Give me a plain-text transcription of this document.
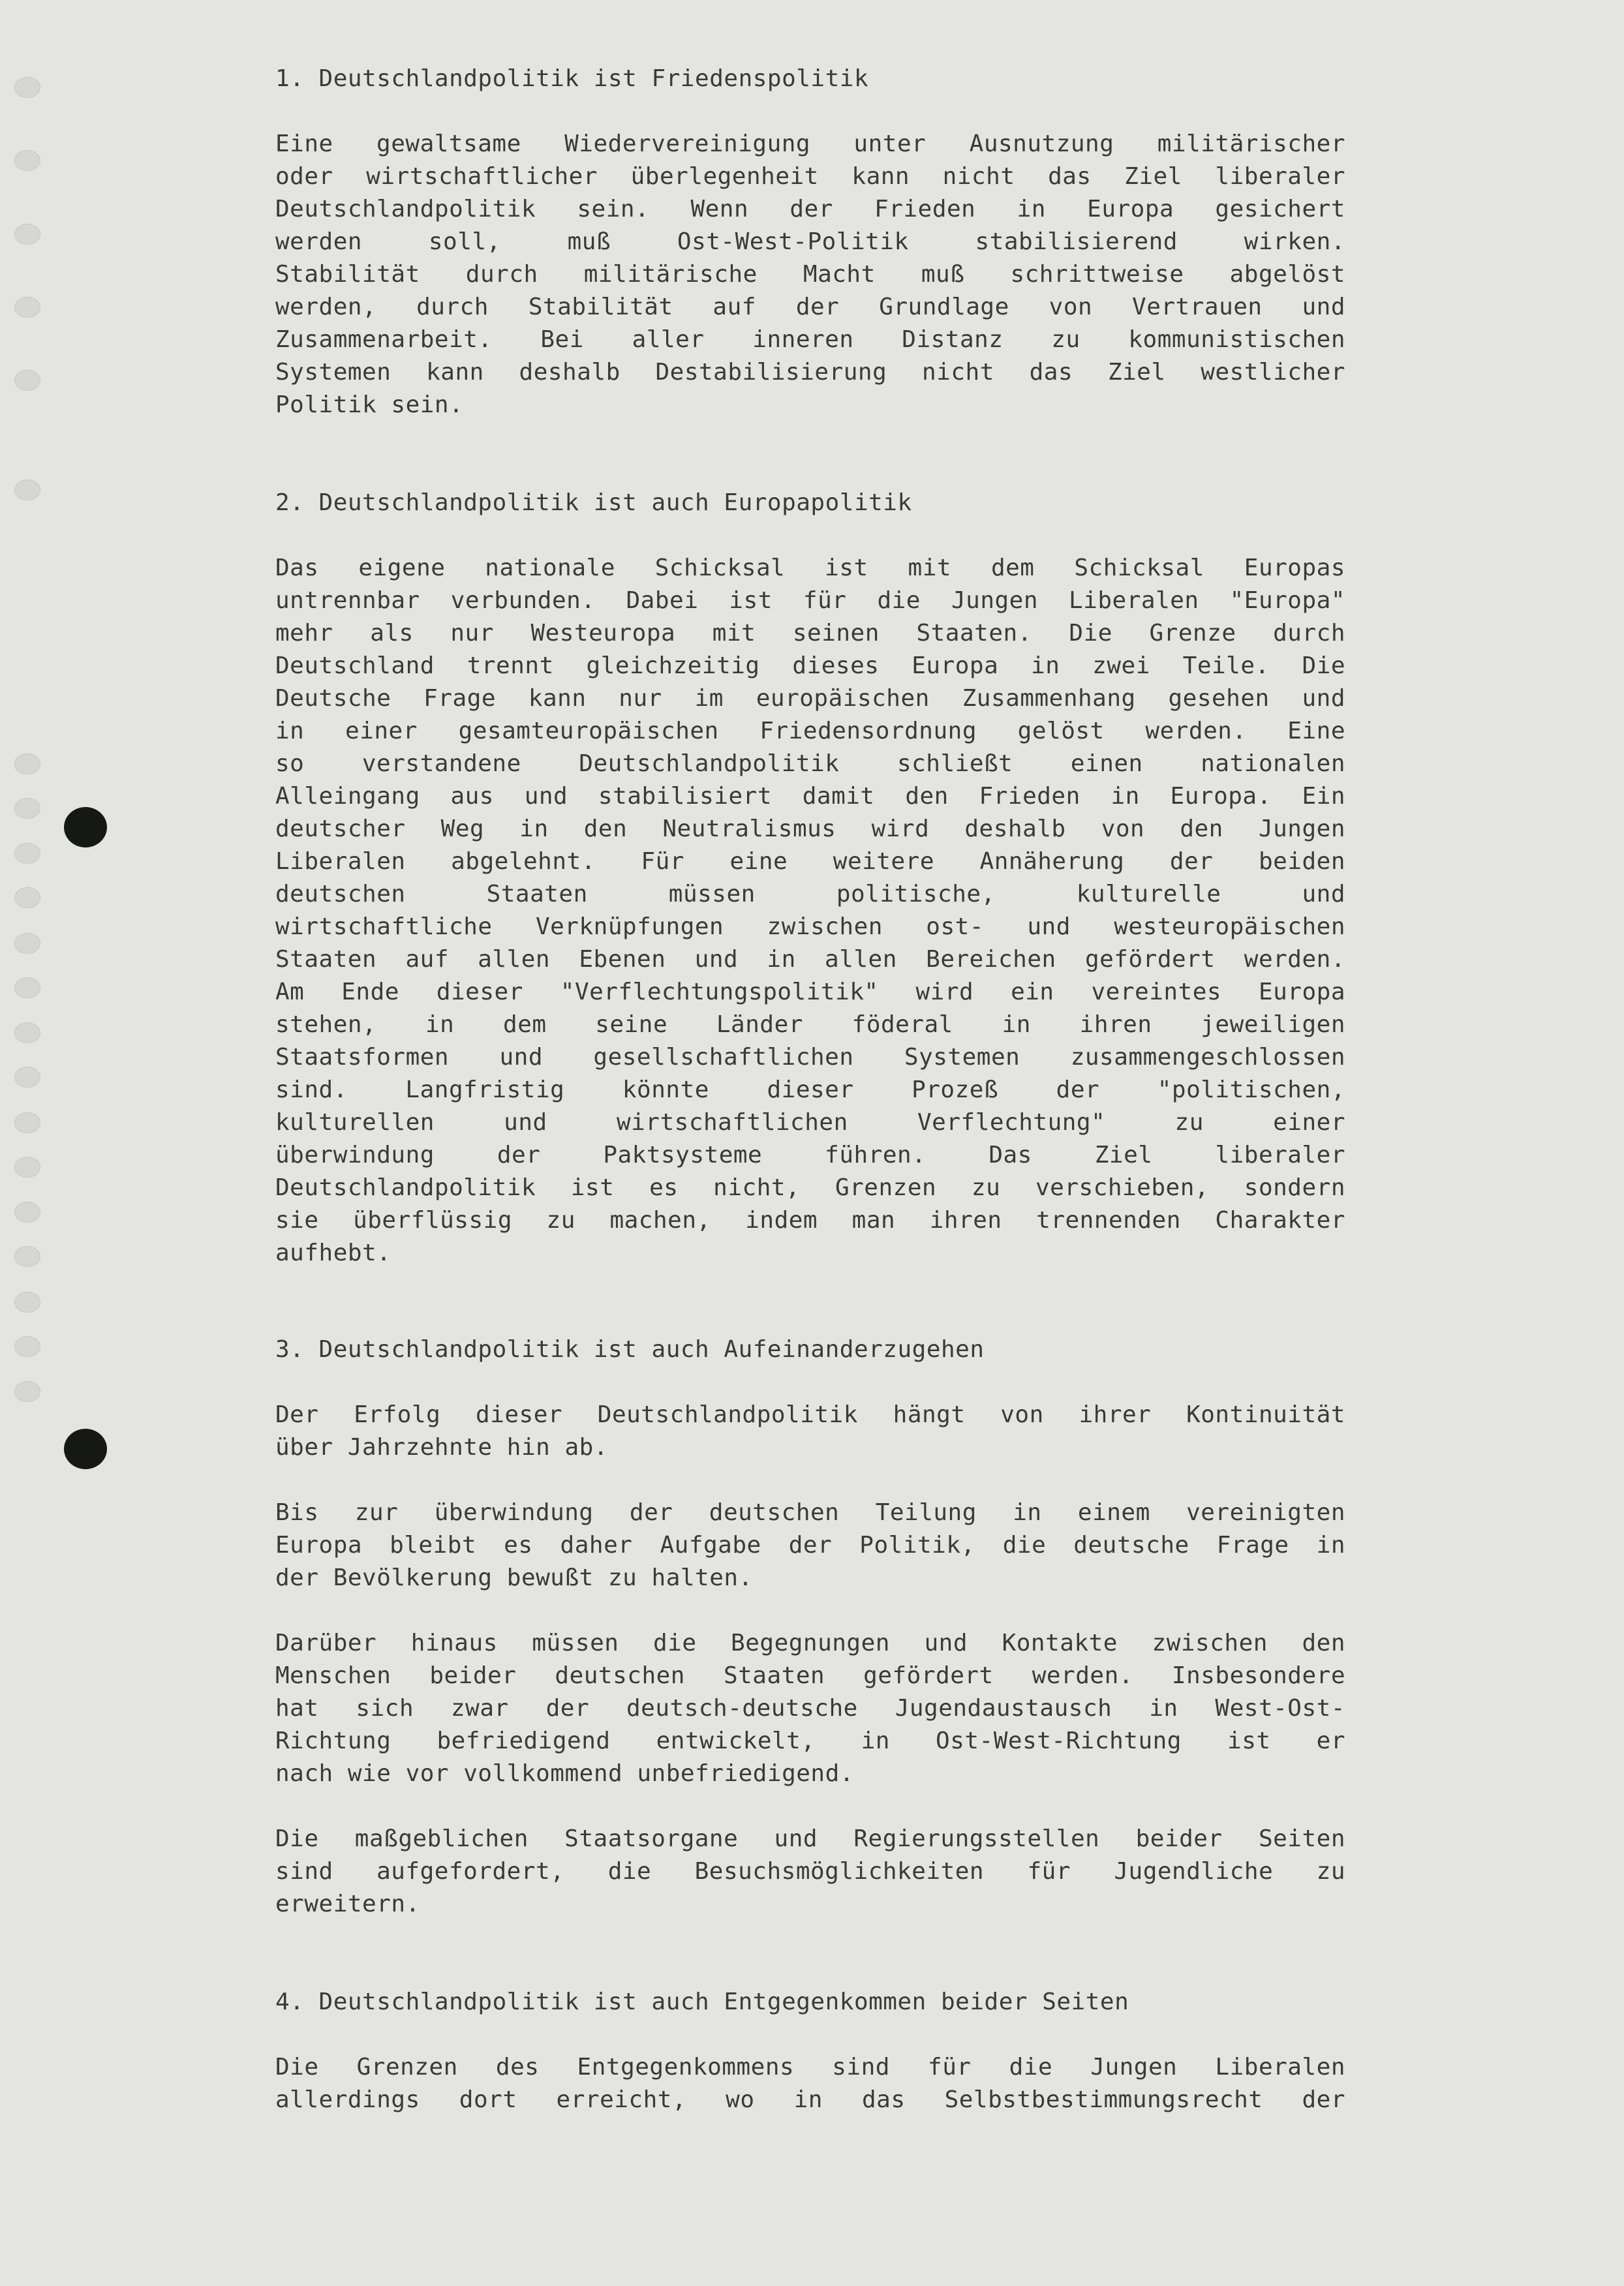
1. Deutschlandpolitik ist Friedenspolitik
Eine gewaltsame Wiedervereinigung unter Ausnutzung militärischer
oder wirtschaftlicher überlegenheit kann nicht das Ziel liberaler
Deutschlandpolitik sein. Wenn der Frieden in Europa gesichert
werden soll, muß Ost-West-Politik stabilisierend wirken.
Stabilität durch militärische Macht muß schrittweise abgelöst
werden, durch Stabilität auf der Grundlage von Vertrauen und
Zusammenarbeit. Bei aller inneren Distanz zu kommunistischen
Systemen kann deshalb Destabilisierung nicht das Ziel westlicher
Politik sein.
2. Deutschlandpolitik ist auch Europapolitik
Das eigene nationale Schicksal ist mit dem Schicksal Europas
untrennbar verbunden. Dabei ist für die Jungen Liberalen "Europa"
mehr als nur Westeuropa mit seinen Staaten. Die Grenze durch
Deutschland trennt gleichzeitig dieses Europa in zwei Teile. Die
Deutsche Frage kann nur im europäischen Zusammenhang gesehen und
in einer gesamteuropäischen Friedensordnung gelöst werden. Eine
so verstandene Deutschlandpolitik schließt einen nationalen
Alleingang aus und stabilisiert damit den Frieden in Europa. Ein
deutscher Weg in den Neutralismus wird deshalb von den Jungen
Liberalen abgelehnt. Für eine weitere Annäherung der beiden
deutschen Staaten müssen politische, kulturelle und
wirtschaftliche Verknüpfungen zwischen ost- und westeuropäischen
Staaten auf allen Ebenen und in allen Bereichen gefördert werden.
Am Ende dieser "Verflechtungspolitik" wird ein vereintes Europa
stehen, in dem seine Länder föderal in ihren jeweiligen
Staatsformen und gesellschaftlichen Systemen zusammengeschlossen
sind. Langfristig könnte dieser Prozeß der "politischen,
kulturellen und wirtschaftlichen Verflechtung" zu einer
überwindung der Paktsysteme führen. Das Ziel liberaler
Deutschlandpolitik ist es nicht, Grenzen zu verschieben, sondern
sie überflüssig zu machen, indem man ihren trennenden Charakter
aufhebt.
3. Deutschlandpolitik ist auch Aufeinanderzugehen
Der Erfolg dieser Deutschlandpolitik hängt von ihrer Kontinuität
über Jahrzehnte hin ab.
Bis zur überwindung der deutschen Teilung in einem vereinigten
Europa bleibt es daher Aufgabe der Politik, die deutsche Frage in
der Bevölkerung bewußt zu halten.
Darüber hinaus müssen die Begegnungen und Kontakte zwischen den
Menschen beider deutschen Staaten gefördert werden. Insbesondere
hat sich zwar der deutsch-deutsche Jugendaustausch in West-Ost-
Richtung befriedigend entwickelt, in Ost-West-Richtung ist er
nach wie vor vollkommend unbefriedigend.
Die maßgeblichen Staatsorgane und Regierungsstellen beider Seiten
sind aufgefordert, die Besuchsmöglichkeiten für Jugendliche zu
erweitern.
4. Deutschlandpolitik ist auch Entgegenkommen beider Seiten
Die Grenzen des Entgegenkommens sind für die Jungen Liberalen
allerdings dort erreicht, wo in das Selbstbestimmungsrecht der
